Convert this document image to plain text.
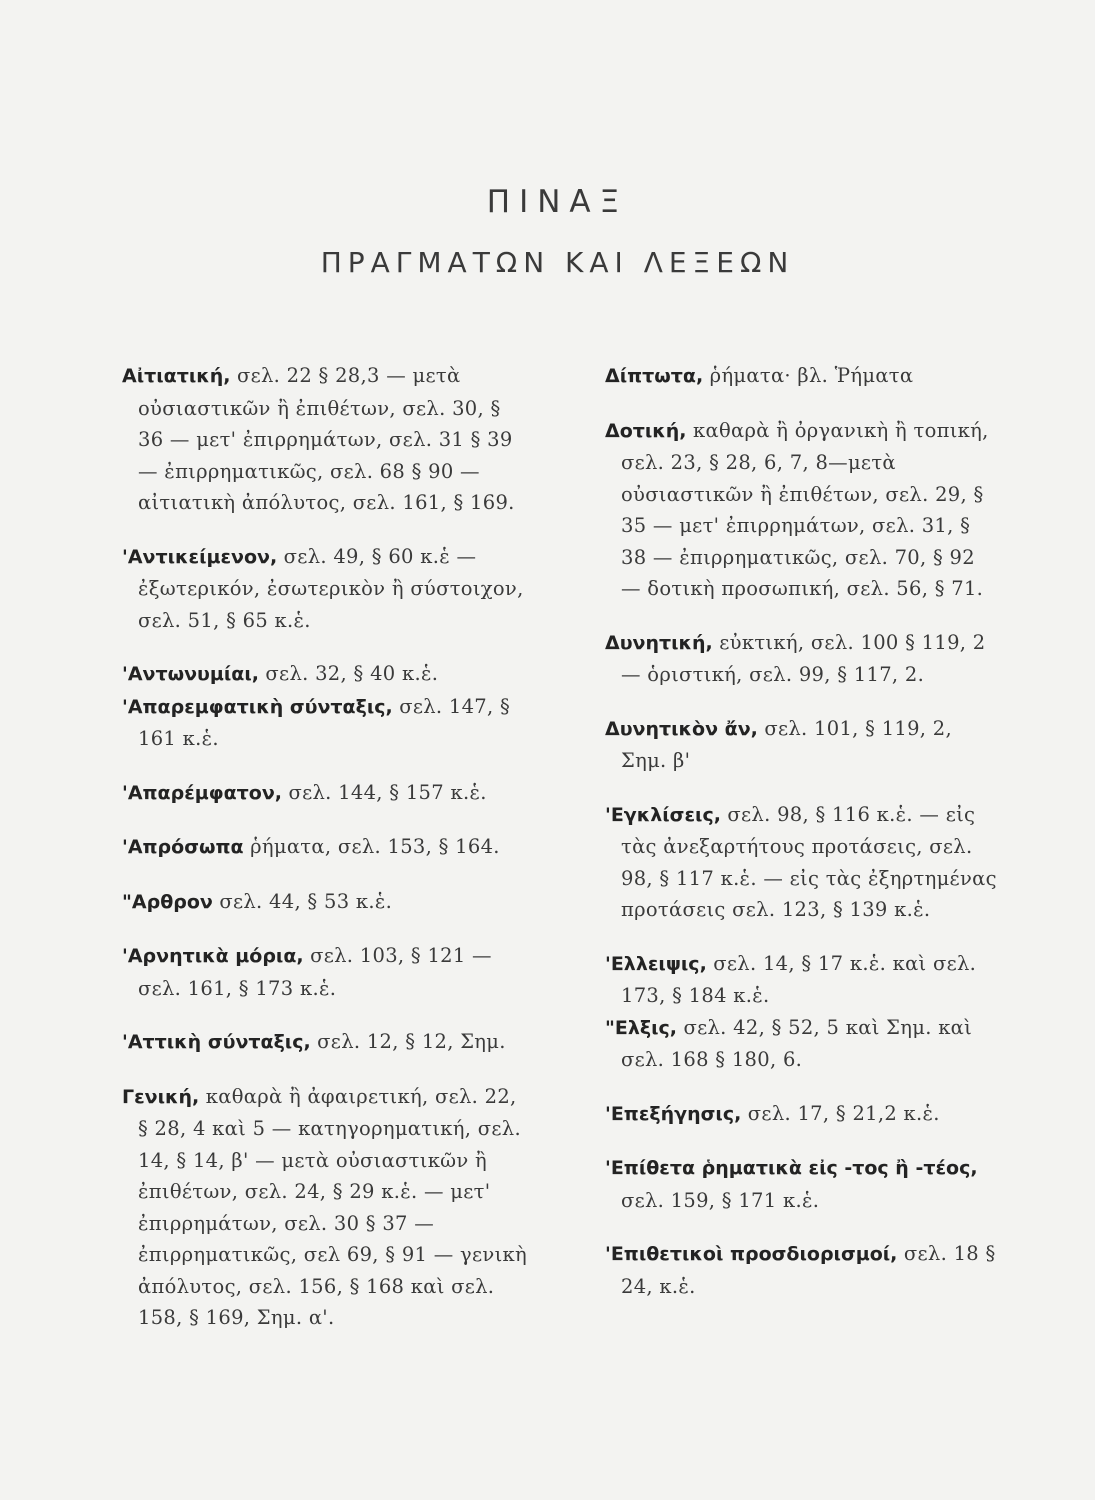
ΠΙΝΑΞ
ΠΡΑΓΜΑΤΩΝ ΚΑΙ ΛΕΞΕΩΝ

Αἰτιατική, σελ. 22 § 28,3 — μετὰ οὐσιαστικῶν ἢ ἐπιθέτων, σελ. 30, § 36 — μετ' ἐπιρρημάτων, σελ. 31 § 39 — ἐπιρρηματικῶς, σελ. 68 § 90 — αἰτιατικὴ ἀπόλυτος, σελ. 161, § 169.

'Αντικείμενον, σελ. 49, § 60 κ.ἑ — ἐξωτερικόν, ἐσωτερικὸν ἢ σύστοιχον, σελ. 51, § 65 κ.ἑ.

'Αντωνυμίαι, σελ. 32, § 40 κ.ἑ.

'Απαρεμφατικὴ σύνταξις, σελ. 147, § 161 κ.ἑ.

'Απαρέμφατον, σελ. 144, § 157 κ.ἑ.

'Απρόσωπα ῥήματα, σελ. 153, § 164.

"Αρθρον σελ. 44, § 53 κ.ἑ.

'Αρνητικὰ μόρια, σελ. 103, § 121 — σελ. 161, § 173 κ.ἑ.

'Αττικὴ σύνταξις, σελ. 12, § 12, Σημ.

Γενική, καθαρὰ ἢ ἀφαιρετική, σελ. 22, § 28, 4 καὶ 5 — κατηγορηματική, σελ. 14, § 14, β' — μετὰ οὐσιαστικῶν ἢ ἐπιθέτων, σελ. 24, § 29 κ.ἑ. — μετ' ἐπιρρημάτων, σελ. 30 § 37 — ἐπιρρηματικῶς, σελ 69, § 91 — γενικὴ ἀπόλυτος, σελ. 156, § 168 καὶ σελ. 158, § 169, Σημ. α'.

Δίπτωτα, ῥήματα· βλ. Ῥήματα

Δοτική, καθαρὰ ἢ ὀργανικὴ ἢ τοπική, σελ. 23, § 28, 6, 7, 8—μετὰ οὐσιαστικῶν ἢ ἐπιθέτων, σελ. 29, § 35 — μετ' ἐπιρρημάτων, σελ. 31, § 38 — ἐπιρρηματικῶς, σελ. 70, § 92 — δοτικὴ προσωπική, σελ. 56, § 71.

Δυνητική, εὐκτική, σελ. 100 § 119, 2 — ὁριστική, σελ. 99, § 117, 2.

Δυνητικὸν ἄν, σελ. 101, § 119, 2, Σημ. β'

'Εγκλίσεις, σελ. 98, § 116 κ.ἑ. — εἰς τὰς ἀνεξαρτήτους προτάσεις, σελ. 98, § 117 κ.ἑ. — εἰς τὰς ἐξηρτημένας προτάσεις σελ. 123, § 139 κ.ἑ.

'Ελλειψις, σελ. 14, § 17 κ.ἑ. καὶ σελ. 173, § 184 κ.ἑ.

"Ελξις, σελ. 42, § 52, 5 καὶ Σημ. καὶ σελ. 168 § 180, 6.

'Επεξήγησις, σελ. 17, § 21,2 κ.ἑ.

'Επίθετα ῥηματικὰ εἰς -τος ἢ -τέος, σελ. 159, § 171 κ.ἑ.

'Επιθετικοὶ προσδιορισμοί, σελ. 18 § 24, κ.ἑ.
